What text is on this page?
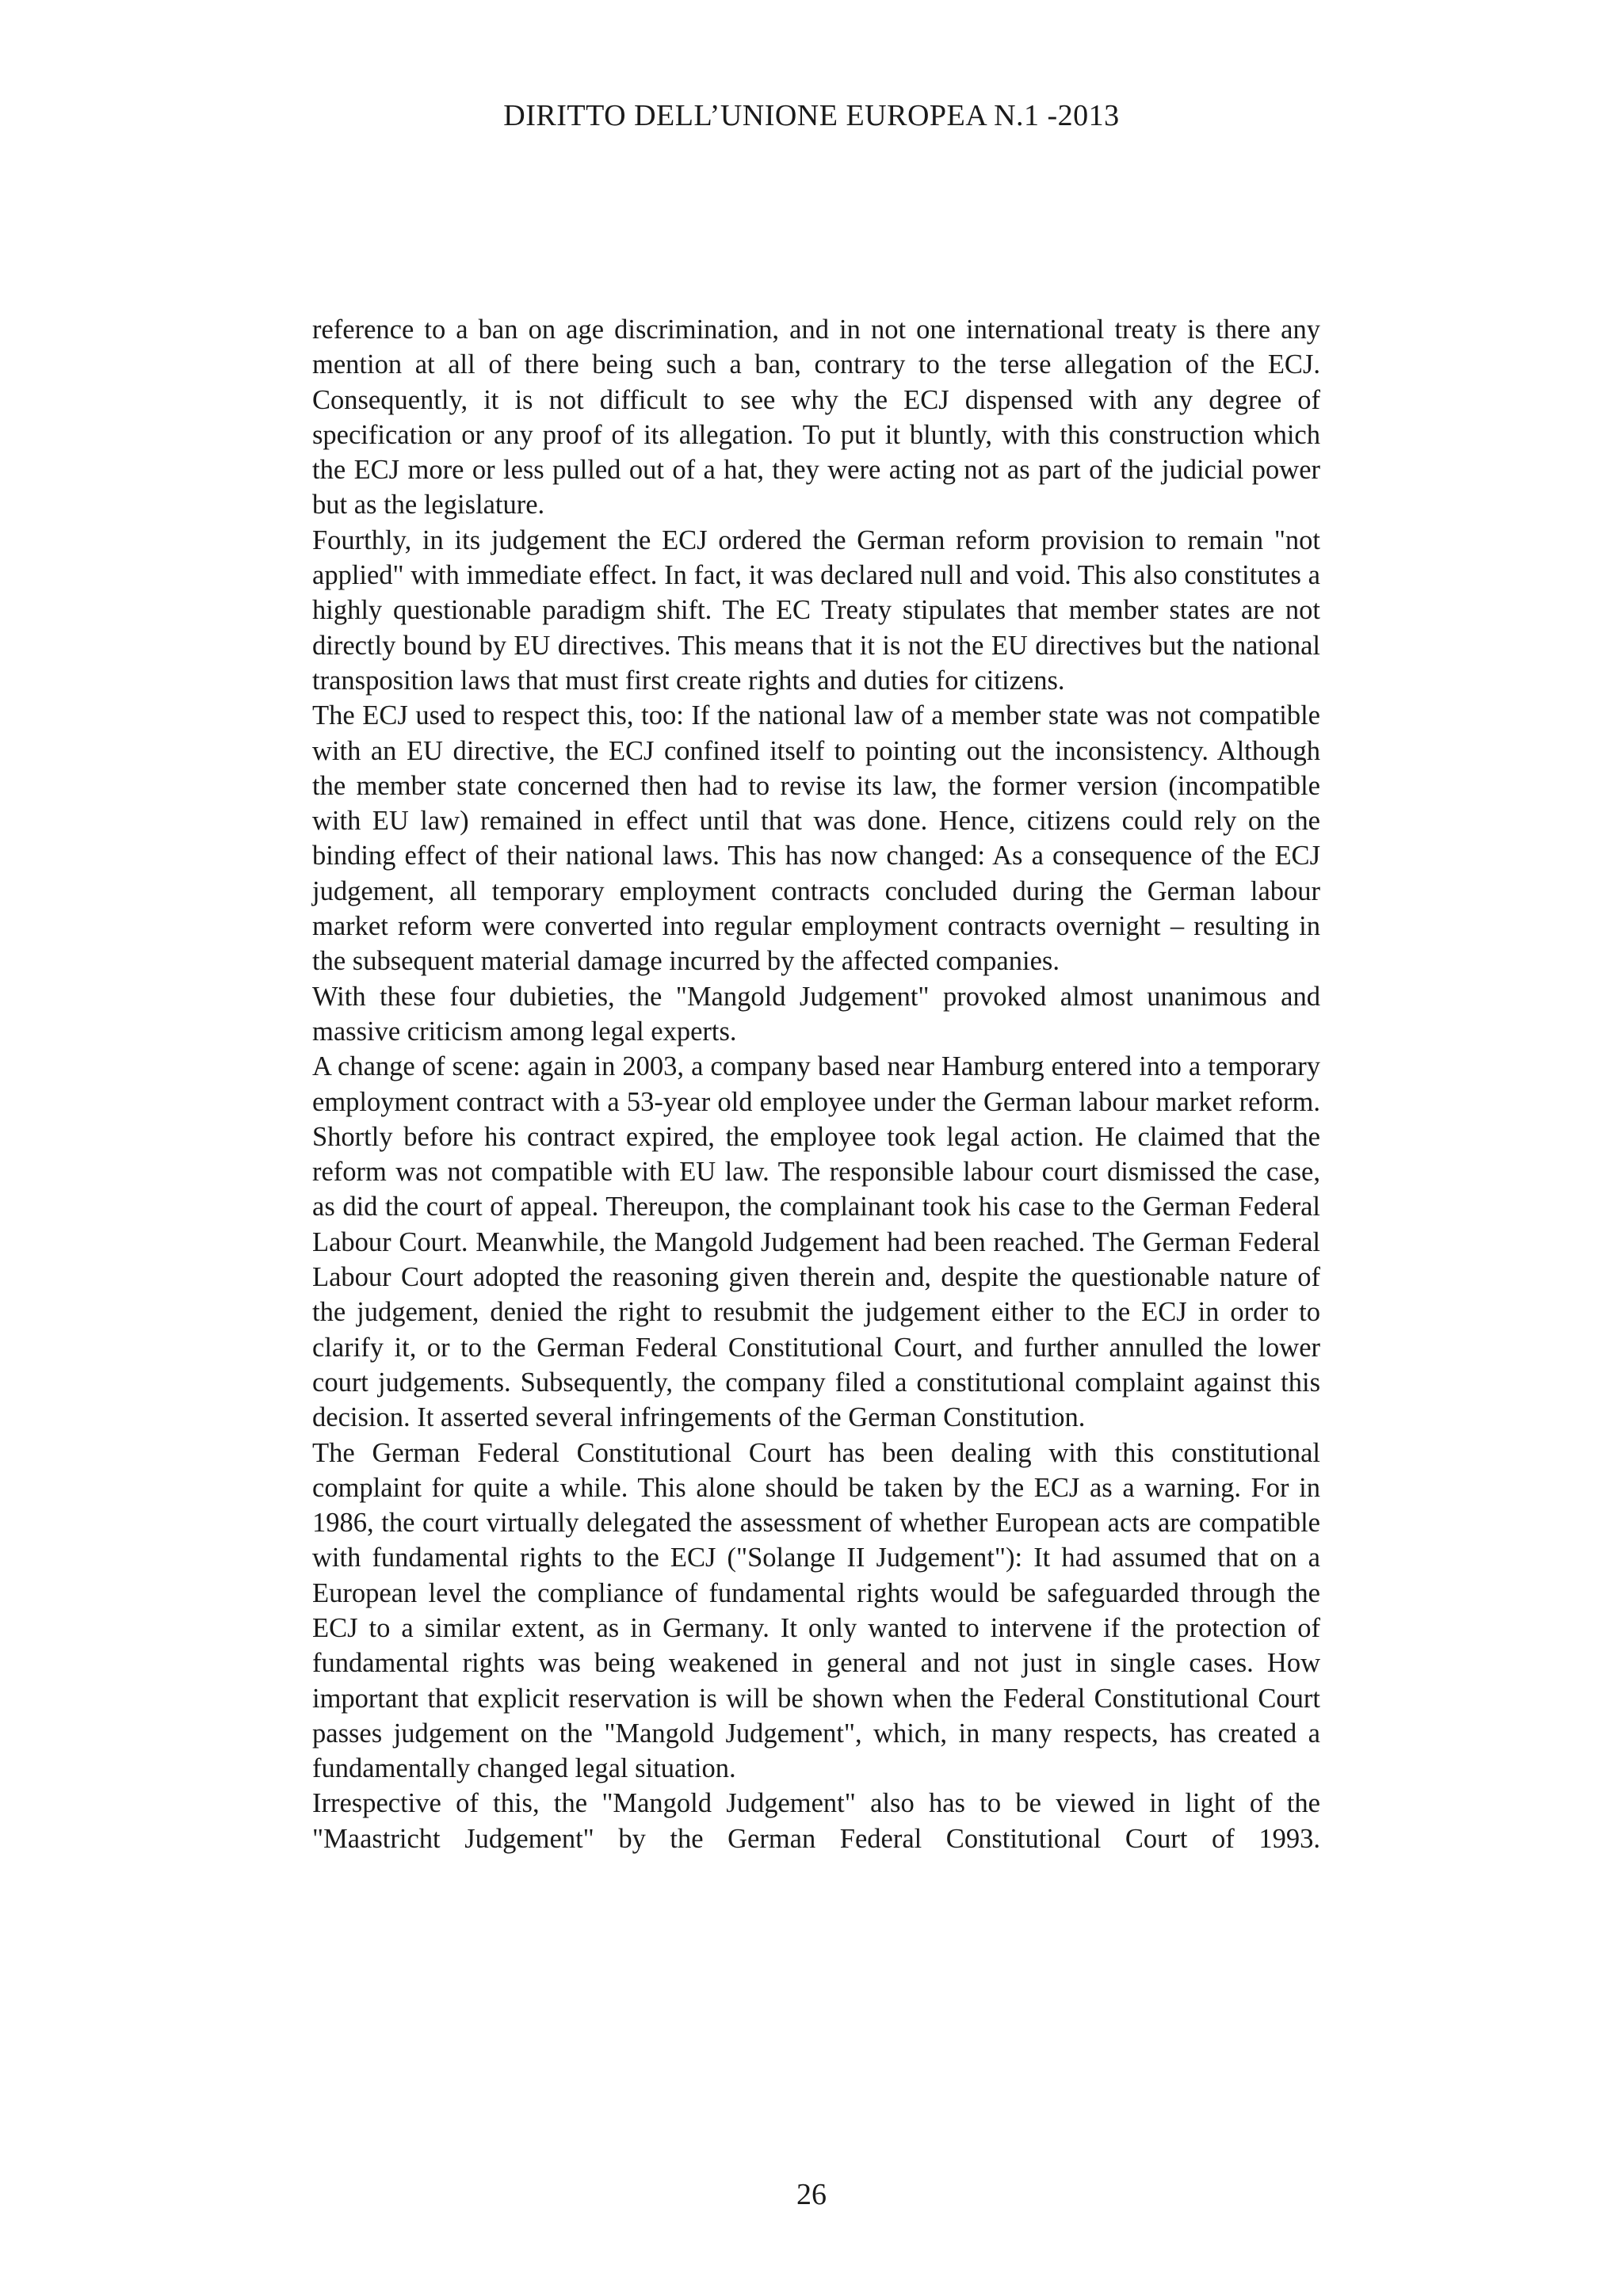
DIRITTO DELL’UNIONE EUROPEA N.1 -2013

reference to a ban on age discrimination, and in not one international treaty is there any mention at all of there being such a ban, contrary to the terse allegation of the ECJ. Consequently, it is not difficult to see why the ECJ dispensed with any degree of specification or any proof of its allegation. To put it bluntly, with this construction which the ECJ more or less pulled out of a hat, they were acting not as part of the judicial power but as the legislature.

Fourthly, in its judgement the ECJ ordered the German reform provision to remain "not applied" with immediate effect. In fact, it was declared null and void. This also constitutes a highly questionable paradigm shift. The EC Treaty stipulates that member states are not directly bound by EU directives. This means that it is not the EU directives but the national transposition laws that must first create rights and duties for citizens.

The ECJ used to respect this, too: If the national law of a member state was not compatible with an EU directive, the ECJ confined itself to pointing out the inconsistency. Although the member state concerned then had to revise its law, the former version (incompatible with EU law) remained in effect until that was done. Hence, citizens could rely on the binding effect of their national laws. This has now changed: As a consequence of the ECJ judgement, all temporary employment contracts concluded during the German labour market reform were converted into regular employment contracts overnight – resulting in the subsequent material damage incurred by the affected companies.

With these four dubieties, the "Mangold Judgement" provoked almost unanimous and massive criticism among legal experts.

A change of scene: again in 2003, a company based near Hamburg entered into a temporary employment contract with a 53-year old employee under the German labour market reform. Shortly before his contract expired, the employee took legal action. He claimed that the reform was not compatible with EU law. The responsible labour court dismissed the case, as did the court of appeal. Thereupon, the complainant took his case to the German Federal Labour Court. Meanwhile, the Mangold Judgement had been reached. The German Federal Labour Court adopted the reasoning given therein and, despite the questionable nature of the judgement, denied the right to resubmit the judgement either to the ECJ in order to clarify it, or to the German Federal Constitutional Court, and further annulled the lower court judgements. Subsequently, the company filed a constitutional complaint against this decision. It asserted several infringements of the German Constitution.

The German Federal Constitutional Court has been dealing with this constitutional complaint for quite a while. This alone should be taken by the ECJ as a warning. For in 1986, the court virtually delegated the assessment of whether European acts are compatible with fundamental rights to the ECJ ("Solange II Judgement"): It had assumed that on a European level the compliance of fundamental rights would be safeguarded through the ECJ to a similar extent, as in Germany. It only wanted to intervene if the protection of fundamental rights was being weakened in general and not just in single cases. How important that explicit reservation is will be shown when the Federal Constitutional Court passes judgement on the "Mangold Judgement", which, in many respects, has created a fundamentally changed legal situation.

Irrespective of this, the "Mangold Judgement" also has to be viewed in light of the "Maastricht Judgement" by the German Federal Constitutional Court of 1993.

26
